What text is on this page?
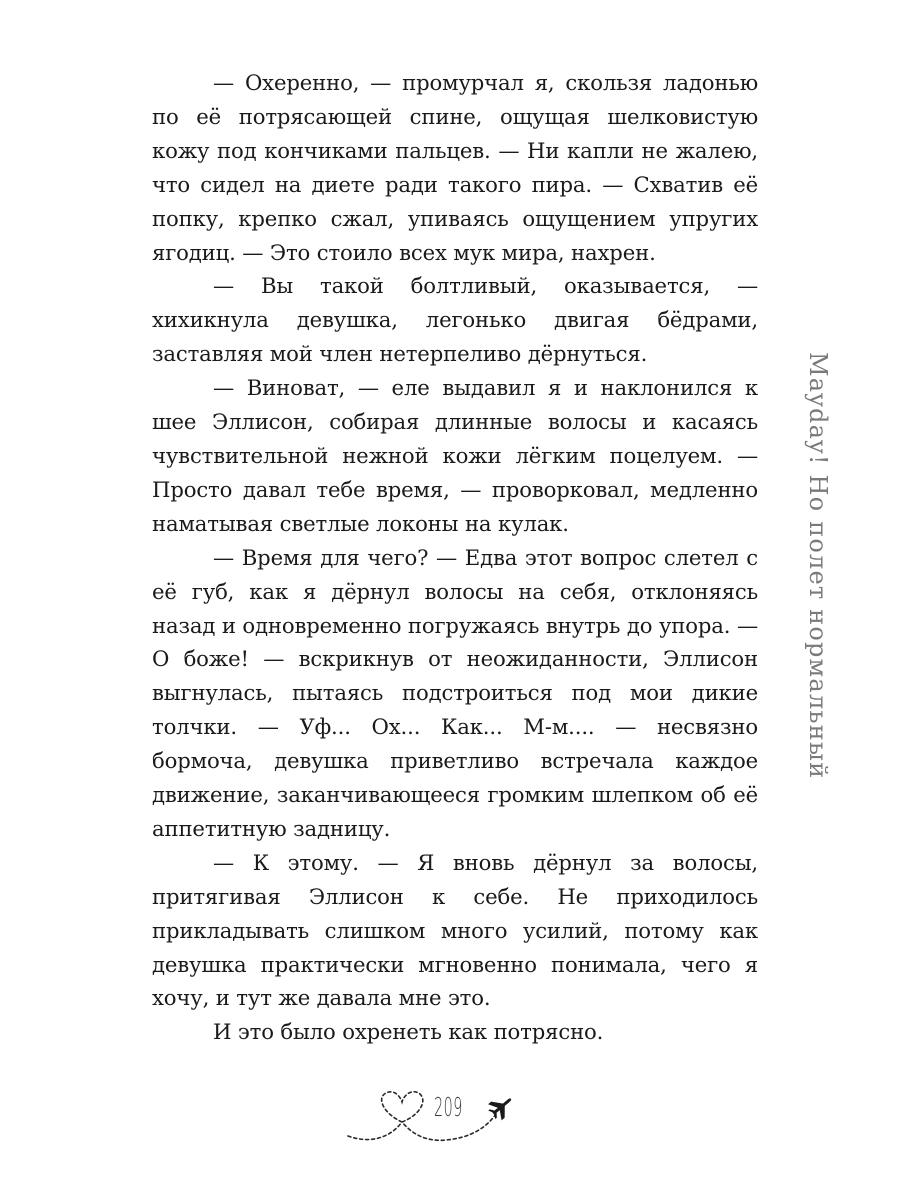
— Охеренно, — промурчал я, скользя ладонью по её потрясающей спине, ощущая шелковистую кожу под кончиками пальцев. — Ни капли не жалею, что сидел на диете ради такого пира. — Схватив её попку, крепко сжал, упиваясь ощущением упругих ягодиц. — Это стоило всех мук мира, нахрен.

— Вы такой болтливый, оказывается, — хихикнула девушка, легонько двигая бёдрами, заставляя мой член нетерпеливо дёрнуться.

— Виноват, — еле выдавил я и наклонился к шее Эллисон, собирая длинные волосы и касаясь чувствительной нежной кожи лёгким поцелуем. — Просто давал тебе время, — проворковал, медленно наматывая светлые локоны на кулак.

— Время для чего? — Едва этот вопрос слетел с её губ, как я дёрнул волосы на себя, отклоняясь назад и одновременно погружаясь внутрь до упора. — О боже! — вскрикнув от неожиданности, Эллисон выгнулась, пытаясь подстроиться под мои дикие толчки. — Уф... Ох... Как... М-м.... — несвязно бормоча, девушка приветливо встречала каждое движение, заканчивающееся громким шлепком об её аппетитную задницу.

— К этому. — Я вновь дёрнул за волосы, притягивая Эллисон к себе. Не приходилось прикладывать слишком много усилий, потому как девушка практически мгновенно понимала, чего я хочу, и тут же давала мне это.

И это было охренеть как потрясно.

Mayday! Но полет нормальный
209
